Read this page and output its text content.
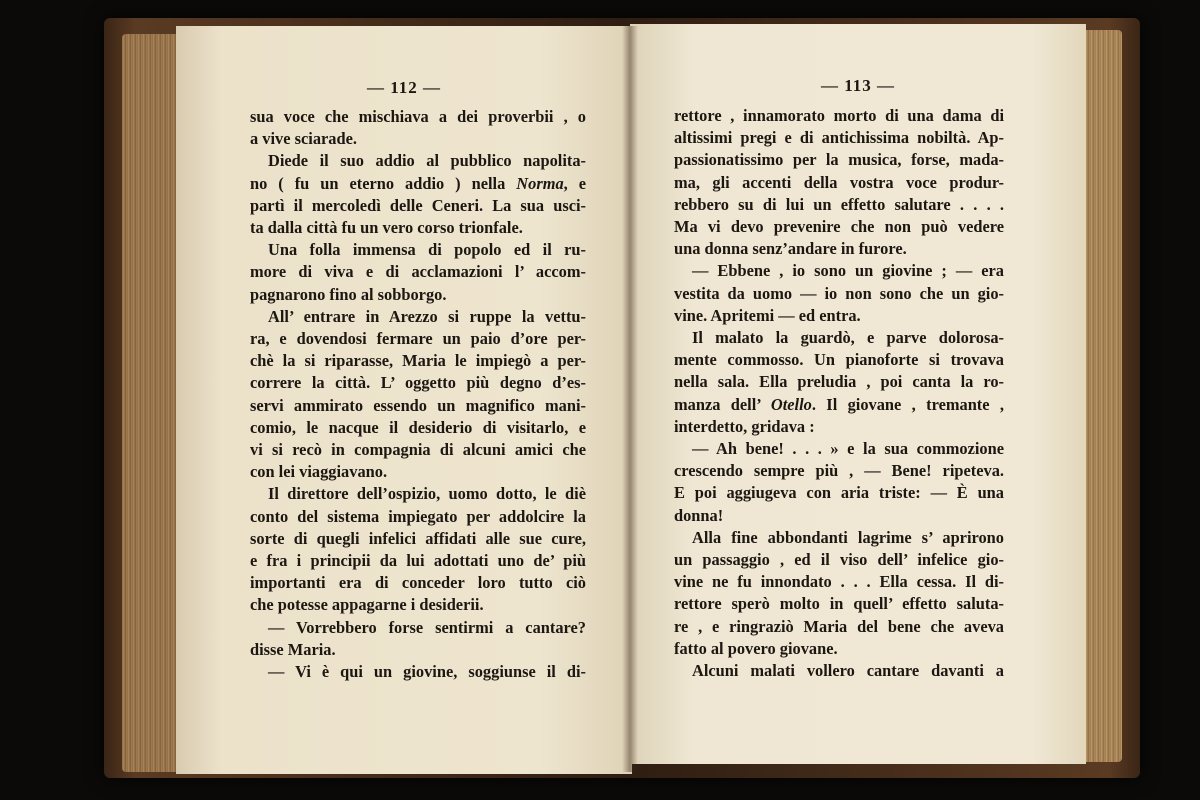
— 112 —
sua voce che mischiava a dei proverbii , o
a vive sciarade.
Diede il suo addio al pubblico napolita-
no ( fu un eterno addio ) nella Norma, e
partì il mercoledì delle Ceneri. La sua usci-
ta dalla città fu un vero corso trionfale.
Una folla immensa di popolo ed il ru-
more di viva e di acclamazioni l’ accom-
pagnarono fino al sobborgo.
All’ entrare in Arezzo si ruppe la vettu-
ra, e dovendosi fermare un paio d’ore per-
chè la si riparasse, Maria le impiegò a per-
correre la città. L’ oggetto più degno d’es-
servi ammirato essendo un magnifico mani-
comio, le nacque il desiderio di visitarlo, e
vi si recò in compagnia di alcuni amici che
con lei viaggiavano.
Il direttore dell’ospizio, uomo dotto, le diè
conto del sistema impiegato per addolcire la
sorte di quegli infelici affidati alle sue cure,
e fra i principii da lui adottati uno de’ più
importanti era di conceder loro tutto ciò
che potesse appagarne i desiderii.
— Vorrebbero forse sentirmi a cantare?
disse Maria.
— Vi è qui un giovine, soggiunse il di-
— 113 —
rettore , innamorato morto di una dama di
altissimi pregi e di antichissima nobiltà. Ap-
passionatissimo per la musica, forse, mada-
ma, gli accenti della vostra voce produr-
rebbero su di lui un effetto salutare . . . .
Ma vi devo prevenire che non può vedere
una donna senz’andare in furore.
— Ebbene , io sono un giovine ; — era
vestita da uomo — io non sono che un gio-
vine. Apritemi — ed entra.
Il malato la guardò, e parve dolorosa-
mente commosso. Un pianoforte si trovava
nella sala. Ella preludia , poi canta la ro-
manza dell’ Otello. Il giovane , tremante ,
interdetto, gridava :
— Ah bene! . . . » e la sua commozione
crescendo sempre più , — Bene! ripeteva.
E poi aggiugeva con aria triste: — È una
donna!
Alla fine abbondanti lagrime s’ aprirono
un passaggio , ed il viso dell’ infelice gio-
vine ne fu innondato . . . Ella cessa. Il di-
rettore sperò molto in quell’ effetto saluta-
re , e ringraziò Maria del bene che aveva
fatto al povero giovane.
Alcuni malati vollero cantare davanti a
